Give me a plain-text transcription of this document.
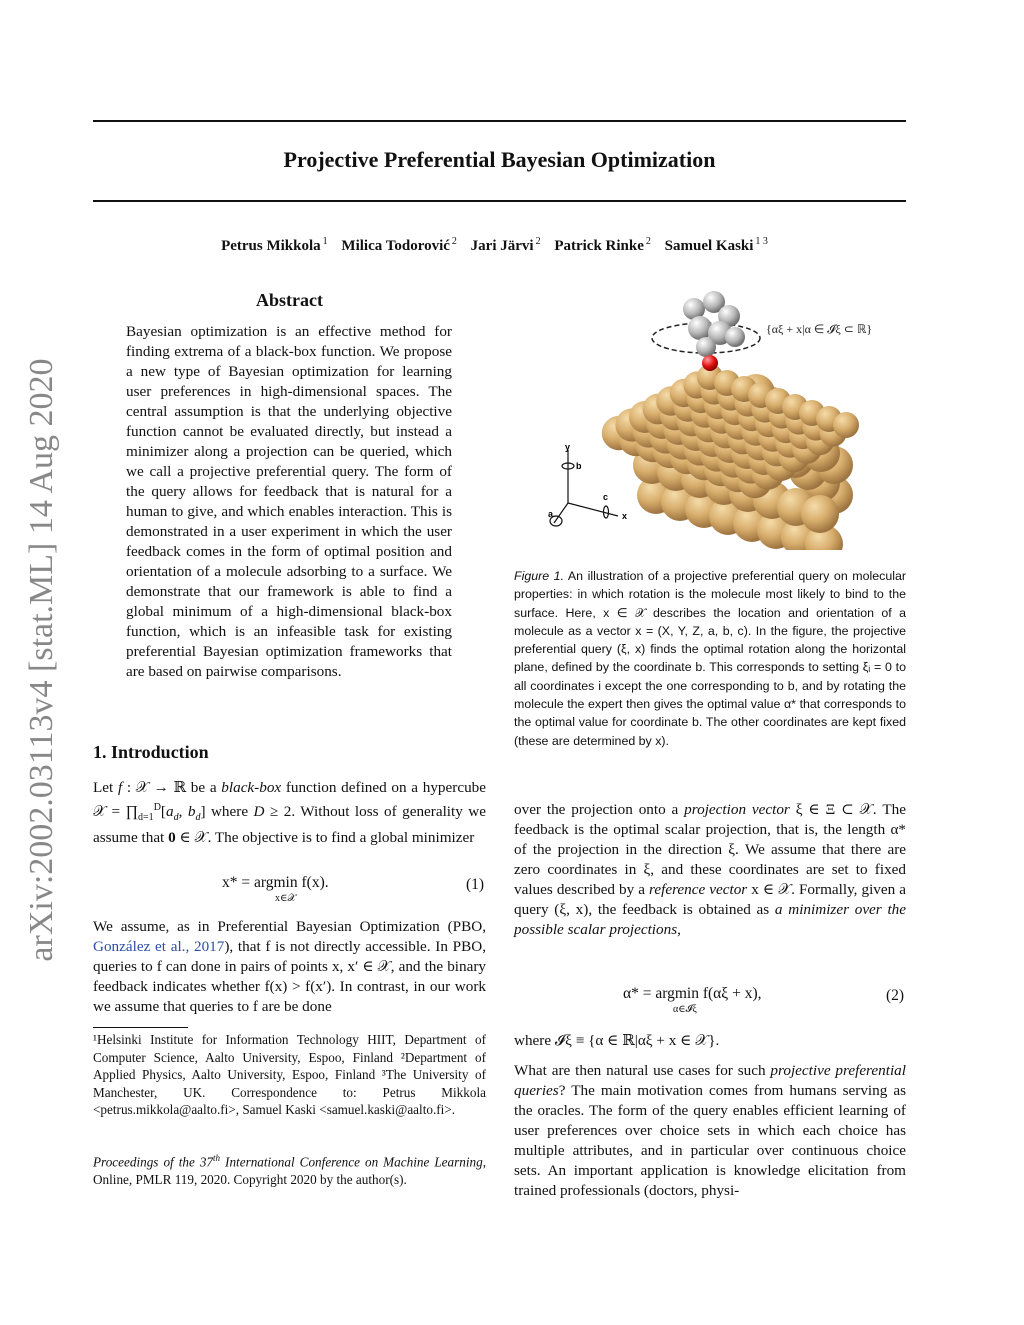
Projective Preferential Bayesian Optimization
Petrus Mikkola $^1$ Milica Todorović $^2$ Jari Järvi $^2$ Patrick Rinke $^2$ Samuel Kaski $^{1 3}$
arXiv:2002.03113v4 [stat.ML] 14 Aug 2020
Abstract
Bayesian optimization is an effective method for finding extrema of a black-box function. We propose a new type of Bayesian optimization for learning user preferences in high-dimensional spaces. The central assumption is that the underlying objective function cannot be evaluated directly, but instead a minimizer along a projection can be queried, which we call a projective preferential query. The form of the query allows for feedback that is natural for a human to give, and which enables interaction. This is demonstrated in a user experiment in which the user feedback comes in the form of optimal position and orientation of a molecule adsorbing to a surface. We demonstrate that our framework is able to find a global minimum of a high-dimensional black-box function, which is an infeasible task for existing preferential Bayesian optimization frameworks that are based on pairwise comparisons.
1. Introduction
Let f : 𝒳 → ℝ be a black-box function defined on a hypercube 𝒳 = $\prod_{d=1}^D[a_d$, $b_d$] where D ≥ 2. Without loss of generality we assume that 0 ∈ 𝒳. The objective is to find a global minimizer
x* = argmin f(x).
x∈𝒳
(1)
We assume, as in Preferential Bayesian Optimization (PBO, González et al., 2017), that f is not directly accessible. In PBO, queries to f can done in pairs of points x, x′ ∈ 𝒳, and the binary feedback indicates whether f(x) > f(x′). In contrast, in our work we assume that queries to f are be done
¹Helsinki Institute for Information Technology HIIT, Department of Computer Science, Aalto University, Espoo, Finland ²Department of Applied Physics, Aalto University, Espoo, Finland ³The University of Manchester, UK. Correspondence to: Petrus Mikkola <petrus.mikkola@aalto.fi>, Samuel Kaski <samuel.kaski@aalto.fi>.
Proceedings of the 37th International Conference on Machine Learning, Online, PMLR 119, 2020. Copyright 2020 by the author(s).
{αξ + x|α ∈ 𝓘ξ ⊂ ℝ}
y
b
c
x
a
Figure 1. An illustration of a projective preferential query on molecular properties: in which rotation is the molecule most likely to bind to the surface. Here, x ∈ 𝒳 describes the location and orientation of a molecule as a vector x = (X, Y, Z, a, b, c). In the figure, the projective preferential query (ξ, x) finds the optimal rotation along the horizontal plane, defined by the coordinate b. This corresponds to setting ξᵢ = 0 to all coordinates i except the one corresponding to b, and by rotating the molecule the expert then gives the optimal value α* that corresponds to the optimal value for coordinate b. The other coordinates are kept fixed (these are determined by x).
over the projection onto a projection vector ξ ∈ Ξ ⊂ 𝒳. The feedback is the optimal scalar projection, that is, the length α* of the projection in the direction ξ. We assume that there are zero coordinates in ξ, and these coordinates are set to fixed values described by a reference vector x ∈ 𝒳. Formally, given a query (ξ, x), the feedback is obtained as a minimizer over the possible scalar projections,
α* = argmin f(αξ + x),
α∈𝓘ξ
(2)
where 𝓘ξ ≡ {α ∈ ℝ|αξ + x ∈ 𝒳}.
What are then natural use cases for such projective preferential queries? The main motivation comes from humans serving as the oracles. The form of the query enables efficient learning of user preferences over choice sets in which each choice has multiple attributes, and in particular over continuous choice sets. An important application is knowledge elicitation from trained professionals (doctors, physi-
